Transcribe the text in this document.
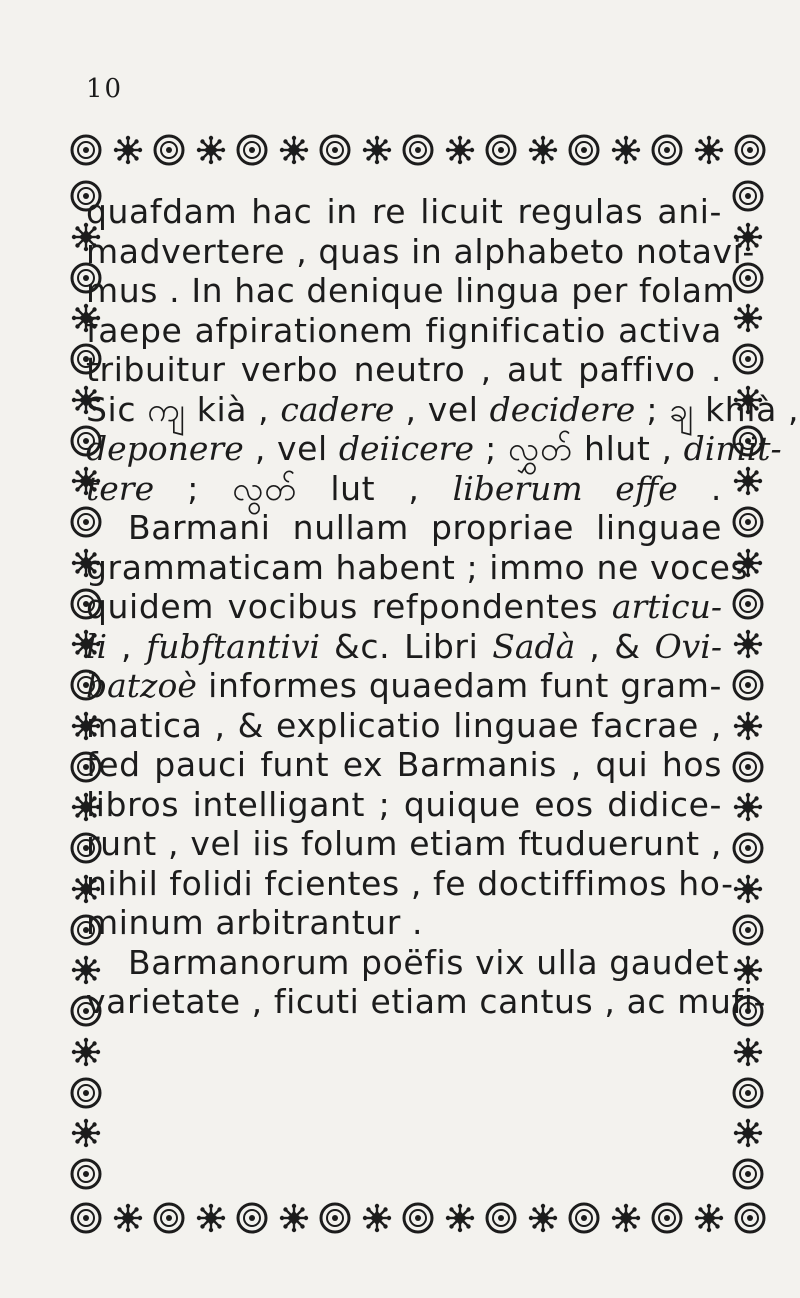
10
quafdam hac in re licuit regulas ani-
madvertere , quas in alphabeto notavi-
mus . In hac denique lingua per folam
faepe afpirationem fignificatio activa
tribuitur verbo neutro , aut paffivo .
Sic ကျ kià , cadere , vel decidere ; ချ khià ,
deponere , vel deiicere ; လွှတ် hlut , dimit-
tere ; လွတ် lut , liberum effe .
Barmani nullam propriae linguae
grammaticam habent ; immo ne voces
quidem vocibus refpondentes articu-
li , fubftantivi &c. Libri Sadà , & Ovi-
batzoè informes quaedam funt gram-
matica , & explicatio linguae facrae ,
fed pauci funt ex Barmanis , qui hos
libros intelligant ; quique eos didice-
runt , vel iis folum etiam ftuduerunt ,
nihil folidi fcientes , fe doctiffimos ho-
minum arbitrantur .
Barmanorum poëfis vix ulla gaudet
varietate , ficuti etiam cantus , ac mufi-
